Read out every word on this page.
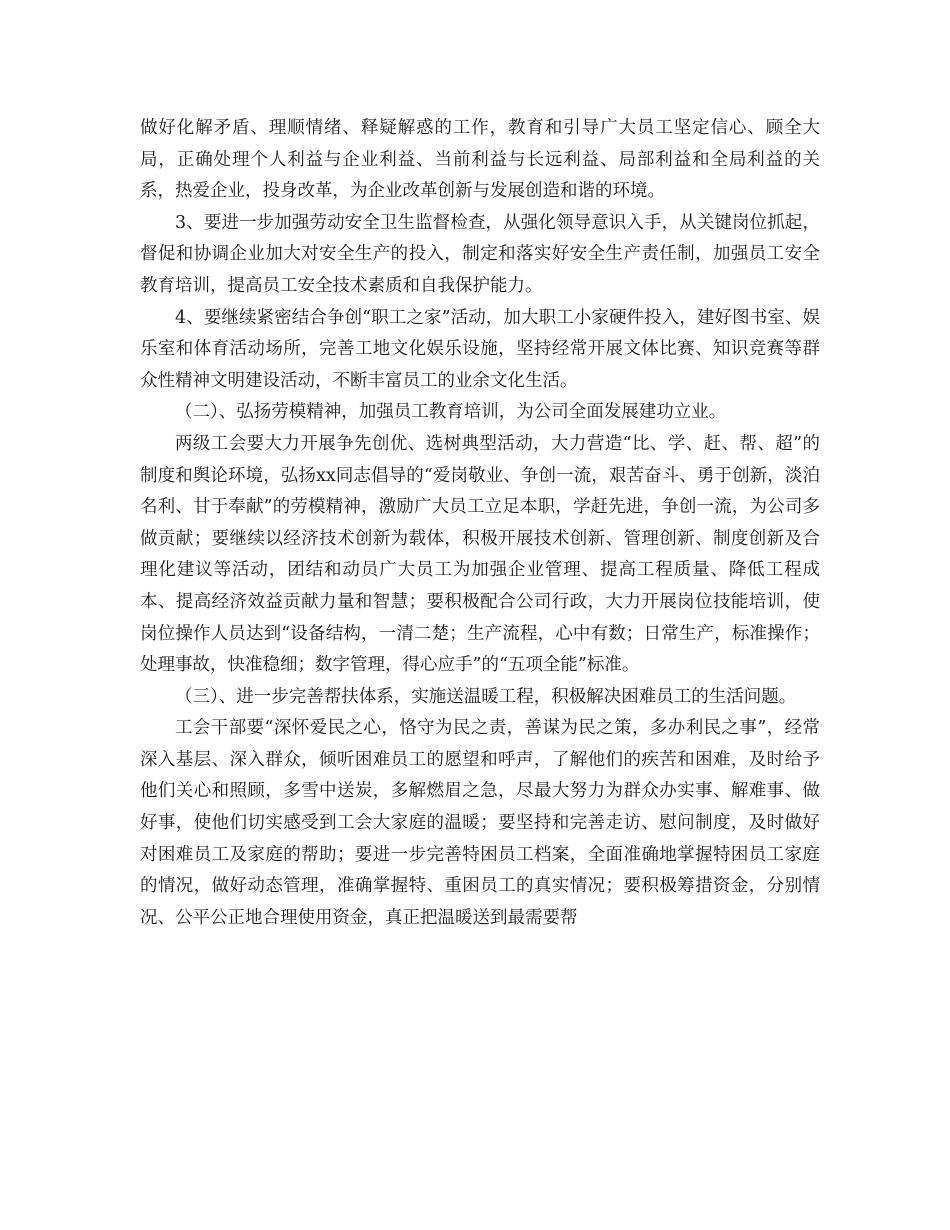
做好化解矛盾、理顺情绪、释疑解惑的工作，教育和引导广大员工坚定信心、顾全大局，正确处理个人利益与企业利益、当前利益与长远利益、局部利益和全局利益的关系，热爱企业，投身改革，为企业改革创新与发展创造和谐的环境。

3、要进一步加强劳动安全卫生监督检查，从强化领导意识入手，从关键岗位抓起，督促和协调企业加大对安全生产的投入，制定和落实好安全生产责任制，加强员工安全教育培训，提高员工安全技术素质和自我保护能力。

4、要继续紧密结合争创“职工之家”活动，加大职工小家硬件投入，建好图书室、娱乐室和体育活动场所，完善工地文化娱乐设施，坚持经常开展文体比赛、知识竞赛等群众性精神文明建设活动，不断丰富员工的业余文化生活。

（二）、弘扬劳模精神，加强员工教育培训，为公司全面发展建功立业。

两级工会要大力开展争先创优、选树典型活动，大力营造“比、学、赶、帮、超”的制度和舆论环境，弘扬xx同志倡导的“爱岗敬业、争创一流，艰苦奋斗、勇于创新，淡泊名利、甘于奉献”的劳模精神，激励广大员工立足本职，学赶先进，争创一流，为公司多做贡献；要继续以经济技术创新为载体，积极开展技术创新、管理创新、制度创新及合理化建议等活动，团结和动员广大员工为加强企业管理、提高工程质量、降低工程成本、提高经济效益贡献力量和智慧；要积极配合公司行政，大力开展岗位技能培训，使岗位操作人员达到“设备结构，一清二楚；生产流程，心中有数；日常生产，标准操作；处理事故，快准稳细；数字管理，得心应手”的“五项全能”标准。

（三）、进一步完善帮扶体系，实施送温暖工程，积极解决困难员工的生活问题。

工会干部要“深怀爱民之心，恪守为民之责，善谋为民之策，多办利民之事”，经常深入基层、深入群众，倾听困难员工的愿望和呼声，了解他们的疾苦和困难，及时给予他们关心和照顾，多雪中送炭，多解燃眉之急，尽最大努力为群众办实事、解难事、做好事，使他们切实感受到工会大家庭的温暖；要坚持和完善走访、慰问制度，及时做好对困难员工及家庭的帮助；要进一步完善特困员工档案，全面准确地掌握特困员工家庭的情况，做好动态管理，准确掌握特、重困员工的真实情况；要积极筹措资金，分别情况、公平公正地合理使用资金，真正把温暖送到最需要帮
